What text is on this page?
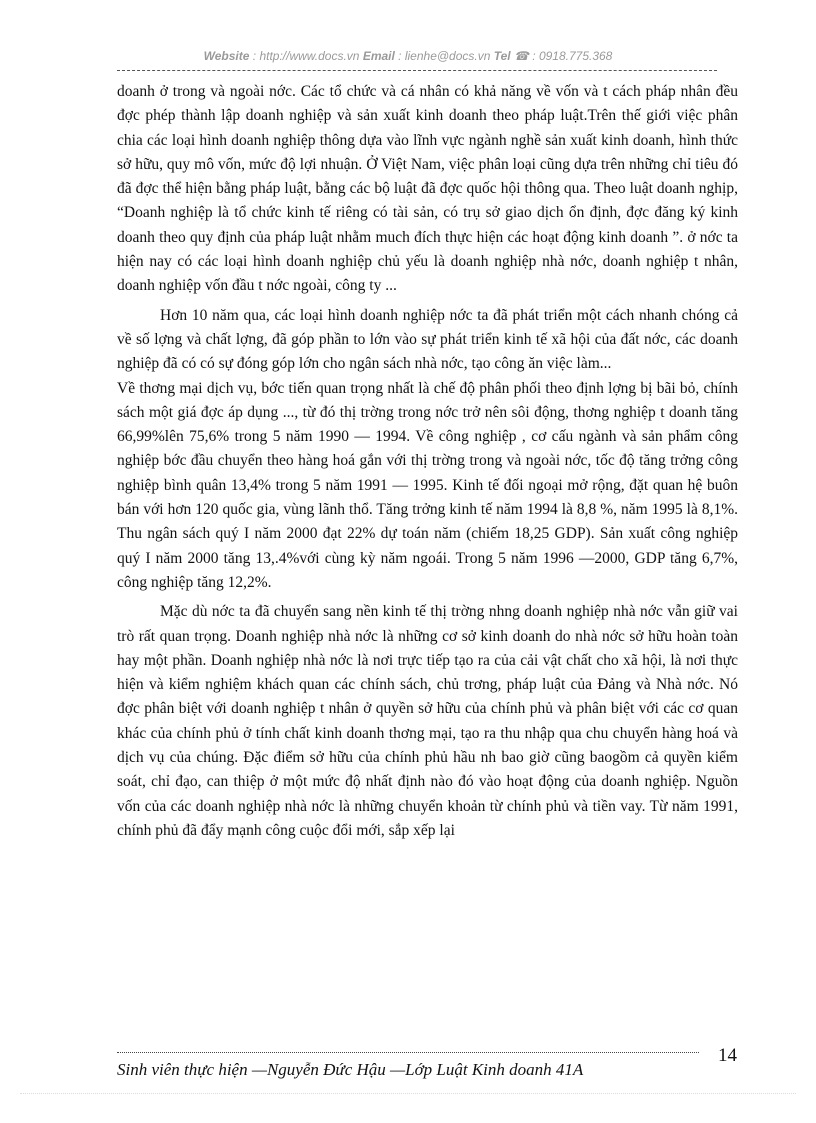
Website : http://www.docs.vn Email : lienhe@docs.vn Tel ☎ : 0918.775.368

doanh ở trong và ngoài nớc. Các tổ chức và cá nhân có khả năng về vốn và t cách pháp nhân đều đợc phép thành lập doanh nghiệp và sản xuất kinh doanh theo pháp luật.Trên thế giới việc phân chia các loại hình doanh nghiệp thông dựa vào lĩnh vực ngành nghề sản xuất kinh doanh, hình thức sở hữu, quy mô vốn, mức độ lợi nhuận. Ở Việt Nam, việc phân loại cũng dựa trên những chỉ tiêu đó đã đợc thể hiện bằng pháp luật, bằng các bộ luật đã đợc quốc hội thông qua. Theo luật doanh nghịp, “Doanh nghiệp là tổ chức kinh tế riêng có tài sản, có trụ sở giao dịch ổn định, đợc đăng ký kinh doanh theo quy định của pháp luật nhằm much đích thực hiện các hoạt động kinh doanh ”. ở nớc ta hiện nay có các loại hình doanh nghiệp chủ yếu là doanh nghiệp nhà nớc, doanh nghiệp t nhân, doanh nghiệp vốn đầu t nớc ngoài, công ty ...

Hơn 10 năm qua, các loại hình doanh nghiệp nớc ta đã phát triển một cách nhanh chóng cả về số lợng và chất lợng, đã góp phần to lớn vào sự phát triển kinh tế xã hội của đất nớc, các doanh nghiệp đã có có sự đóng góp lớn cho ngân sách nhà nớc, tạo công ăn việc làm...

Về thơng mại dịch vụ, bớc tiến quan trọng nhất là chế độ phân phối theo định lợng bị bãi bỏ, chính sách một giá đợc áp dụng ..., từ đó thị trờng trong nớc trở nên sôi động, thơng nghiệp t doanh tăng 66,99%lên 75,6% trong 5 năm 1990 — 1994. Về công nghiệp , cơ cấu ngành và sản phẩm công nghiệp bớc đầu chuyển theo hàng hoá gắn với thị trờng trong và ngoài nớc, tốc độ tăng trởng công nghiệp bình quân 13,4% trong 5 năm 1991 — 1995. Kinh tế đối ngoại mở rộng, đặt quan hệ buôn bán với hơn 120 quốc gia, vùng lãnh thổ. Tăng trởng kinh tế năm 1994 là 8,8 %, năm 1995 là 8,1%. Thu ngân sách quý I năm 2000 đạt 22% dự toán năm (chiếm 18,25 GDP). Sản xuất công nghiệp quý I năm 2000 tăng 13,.4%với cùng kỳ năm ngoái. Trong 5 năm 1996 —2000, GDP tăng 6,7%, công nghiệp tăng 12,2%.

Mặc dù nớc ta đã chuyển sang nền kinh tế thị trờng nhng doanh nghiệp nhà nớc vẫn giữ vai trò rất quan trọng. Doanh nghiệp nhà nớc là những cơ sở kinh doanh do nhà nớc sở hữu hoàn toàn hay một phần. Doanh nghiệp nhà nớc là nơi trực tiếp tạo ra của cải vật chất cho xã hội, là nơi thực hiện và kiểm nghiệm khách quan các chính sách, chủ trơng, pháp luật của Đảng và Nhà nớc. Nó đợc phân biệt với doanh nghiệp t nhân ở quyền sở hữu của chính phủ và phân biệt với các cơ quan khác của chính phủ ở tính chất kinh doanh thơng mại, tạo ra thu nhập qua chu chuyển hàng hoá và dịch vụ của chúng. Đặc điểm sở hữu của chính phủ hầu nh bao giờ cũng baogồm cả quyền kiểm soát, chỉ đạo, can thiệp ở một mức độ nhất định nào đó vào hoạt động của doanh nghiệp. Nguồn vốn của các doanh nghiệp nhà nớc là những chuyển khoản từ chính phủ và tiền vay. Từ năm 1991, chính phủ đã đẩy mạnh công cuộc đổi mới, sắp xếp lại

14
Sinh viên thực hiện —Nguyễn Đức Hậu —Lớp Luật Kinh doanh 41A
